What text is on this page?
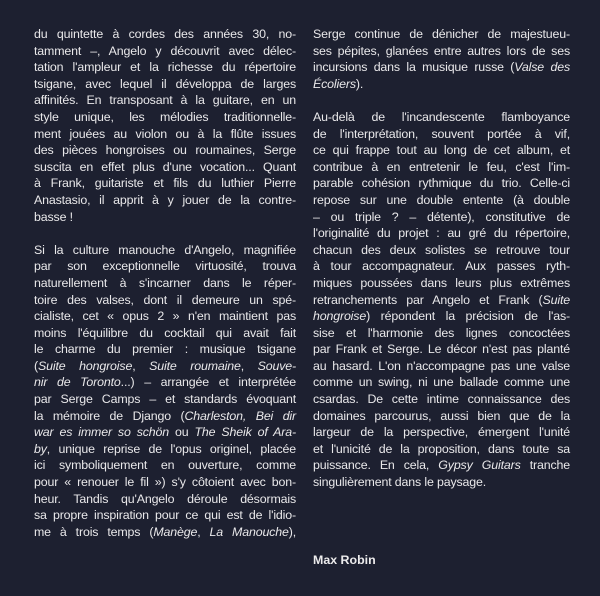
du quintette à cordes des années 30, no-
tamment –, Angelo y découvrit avec délec-
tation l'ampleur et la richesse du répertoire
tsigane, avec lequel il développa de larges
affinités. En transposant à la guitare, en un
style unique, les mélodies traditionnelle-
ment jouées au violon ou à la flûte issues
des pièces hongroises ou roumaines, Serge
suscita en effet plus d'une vocation... Quant
à Frank, guitariste et fils du luthier Pierre
Anastasio, il apprit à y jouer de la contre-
basse !
Si la culture manouche d'Angelo, magnifiée
par son exceptionnelle virtuosité, trouva
naturellement à s'incarner dans le réper-
toire des valses, dont il demeure un spé-
cialiste, cet « opus 2 » n'en maintient pas
moins l'équilibre du cocktail qui avait fait
le charme du premier : musique tsigane
(Suite hongroise, Suite roumaine, Souve-
nir de Toronto...) – arrangée et interprétée
par Serge Camps – et standards évoquant
la mémoire de Django (Charleston, Bei dir
war es immer so schön ou The Sheik of Ara-
by, unique reprise de l'opus originel, placée
ici symboliquement en ouverture, comme
pour « renouer le fil ») s'y côtoient avec bon-
heur. Tandis qu'Angelo déroule désormais
sa propre inspiration pour ce qui est de l'idio-
me à trois temps (Manège, La Manouche),
Serge continue de dénicher de majestueu-
ses pépites, glanées entre autres lors de ses
incursions dans la musique russe (Valse des
Écoliers).
Au-delà de l'incandescente flamboyance
de l'interprétation, souvent portée à vif,
ce qui frappe tout au long de cet album, et
contribue à en entretenir le feu, c'est l'im-
parable cohésion rythmique du trio. Celle-ci
repose sur une double entente (à double
– ou triple ? – détente), constitutive de
l'originalité du projet : au gré du répertoire,
chacun des deux solistes se retrouve tour
à tour accompagnateur. Aux passes ryth-
miques poussées dans leurs plus extrêmes
retranchements par Angelo et Frank (Suite
hongroise) répondent la précision de l'as-
sise et l'harmonie des lignes concoctées
par Frank et Serge. Le décor n'est pas planté
au hasard. L'on n'accompagne pas une valse
comme un swing, ni une ballade comme une
csardas. De cette intime connaissance des
domaines parcourus, aussi bien que de la
largeur de la perspective, émergent l'unité
et l'unicité de la proposition, dans toute sa
puissance. En cela, Gypsy Guitars tranche
singulièrement dans le paysage.
Max Robin
